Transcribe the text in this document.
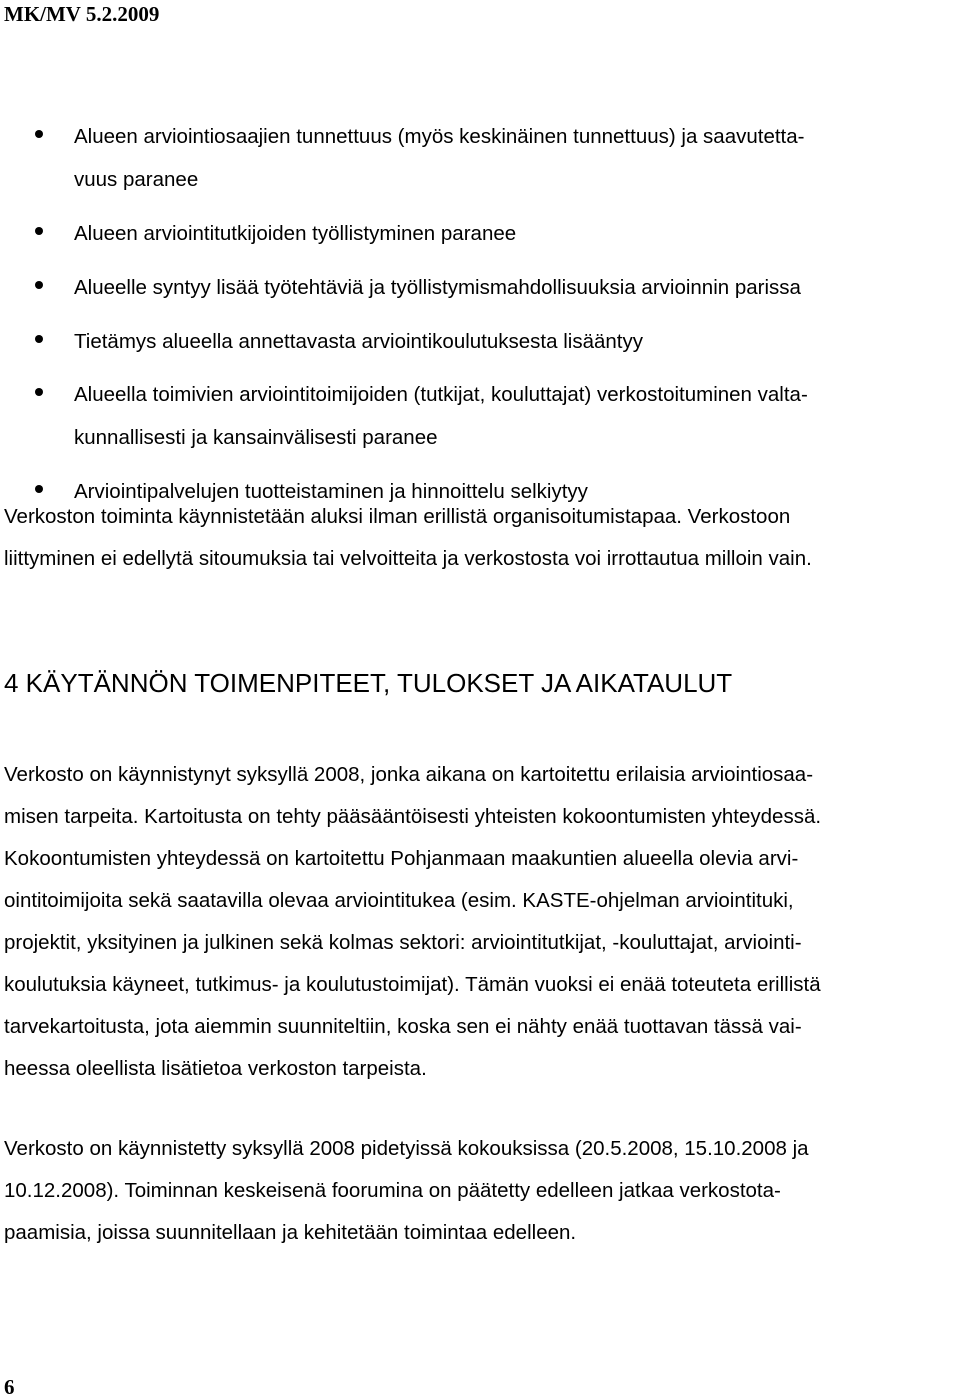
MK/MV 5.2.2009
Alueen arviointiosaajien tunnettuus (myös keskinäinen tunnettuus) ja saavutetta-
vuus paranee
Alueen arviointitutkijoiden työllistyminen paranee
Alueelle syntyy lisää työtehtäviä ja työllistymismahdollisuuksia arvioinnin parissa
Tietämys alueella annettavasta arviointikoulutuksesta lisääntyy
Alueella toimivien arviointitoimijoiden (tutkijat, kouluttajat) verkostoituminen valta-
kunnallisesti ja kansainvälisesti paranee
Arviointipalvelujen tuotteistaminen ja hinnoittelu selkiytyy
Verkoston toiminta käynnistetään aluksi ilman erillistä organisoitumistapaa. Verkostoon
liittyminen ei edellytä sitoumuksia tai velvoitteita ja verkostosta voi irrottautua milloin vain.
4 KÄYTÄNNÖN TOIMENPITEET, TULOKSET JA AIKATAULUT
Verkosto on käynnistynyt syksyllä 2008, jonka aikana on kartoitettu erilaisia arviointiosaa-
misen tarpeita. Kartoitusta on tehty pääsääntöisesti yhteisten kokoontumisten yhteydessä.
Kokoontumisten yhteydessä on kartoitettu Pohjanmaan maakuntien alueella olevia arvi-
ointitoimijoita sekä saatavilla olevaa arviointitukea (esim. KASTE-ohjelman arviointituki,
projektit, yksityinen ja julkinen sekä kolmas sektori: arviointitutkijat, -kouluttajat, arviointi-
koulutuksia käyneet, tutkimus- ja koulutustoimijat). Tämän vuoksi ei enää toteuteta erillistä
tarvekartoitusta, jota aiemmin suunniteltiin, koska sen ei nähty enää tuottavan tässä vai-
heessa oleellista lisätietoa verkoston tarpeista.
Verkosto on käynnistetty syksyllä 2008 pidetyissä kokouksissa (20.5.2008, 15.10.2008 ja
10.12.2008). Toiminnan keskeisenä foorumina on päätetty edelleen jatkaa verkostota-
paamisia, joissa suunnitellaan ja kehitetään toimintaa edelleen.
6
